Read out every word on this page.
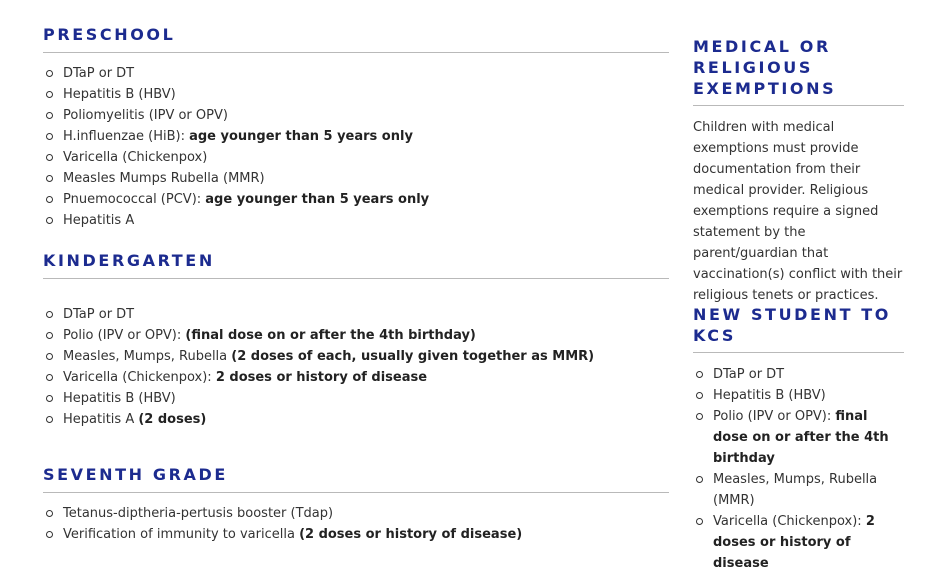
PRESCHOOL
DTaP or DT
Hepatitis B (HBV)
Poliomyelitis (IPV or OPV)
H.influenzae (HiB): age younger than 5 years only
Varicella (Chickenpox)
Measles Mumps Rubella (MMR)
Pnuemococcal (PCV): age younger than 5 years only
Hepatitis A
KINDERGARTEN
DTaP or DT
Polio (IPV or OPV): (final dose on or after the 4th birthday)
Measles, Mumps, Rubella (2 doses of each, usually given together as MMR)
Varicella (Chickenpox): 2 doses or history of disease
Hepatitis B (HBV)
Hepatitis A (2 doses)
SEVENTH GRADE
Tetanus-diptheria-pertusis booster (Tdap)
Verification of immunity to varicella (2 doses or history of disease)
MEDICAL OR
RELIGIOUS
EXEMPTIONS

Children with medical exemptions must provide documentation from their medical provider. Religious exemptions require a signed statement by the parent/guardian that vaccination(s) conflict with their religious tenets or practices.

NEW STUDENT TO
KCS
DTaP or DT
Hepatitis B (HBV)
Polio (IPV or OPV): final dose on or after the 4th birthday
Measles, Mumps, Rubella (MMR)
Varicella (Chickenpox): 2 doses or history of disease
